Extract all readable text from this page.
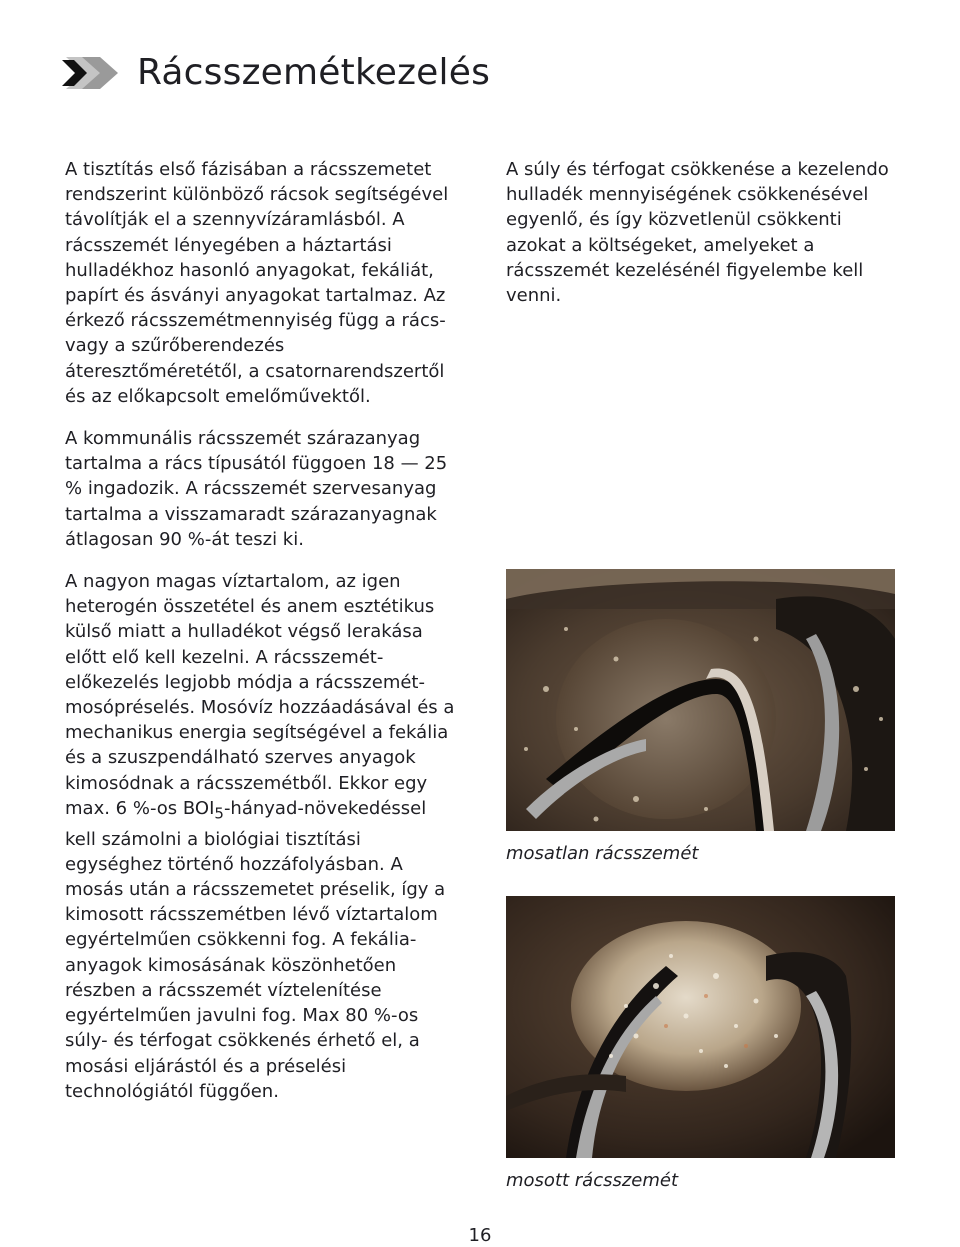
Rácsszemétkezelés

A tisztítás első fázisában a rácsszemetet rendszerint különböző rácsok segítségével távolítják el a szennyvízáramlásból. A rácsszemét lényegében a háztartási hulladékhoz hasonló anyagokat, fekáliát, papírt és ásványi anyagokat tartalmaz. Az érkező rácsszemétmennyiség függ a rács- vagy a szűrőberendezés áteresztőméretétől, a csatornarendszertől és az előkapcsolt emelőművektől.

A kommunális rácsszemét szárazanyag tartalma a rács típusától függoen 18 — 25 % ingadozik. A rácsszemét szervesanyag tartalma a visszamaradt szárazanyagnak átlagosan 90 %-át teszi ki.

A nagyon magas víztartalom, az igen heterogén összetétel és anem esztétikus külső miatt a hulladékot végső lerakása előtt elő kell kezelni. A rácsszemét-előkezelés legjobb módja a rácsszemét-mosópréselés. Mosóvíz hozzáadásával és a mechanikus energia segítségével a fekália és a szuszpendálható szerves anyagok kimosódnak a rácsszemétből. Ekkor egy max. 6 %-os $BOI_5-hányad$-növekedéssel kell számolni a biológiai tisztítási egységhez történő hozzáfolyásban. A mosás után a rácsszemetet préselik, így a kimosott rácsszemétben lévő víztartalom egyértelműen csökkenni fog. A fekália-anyagok kimosásának köszönhetően részben a rácsszemét víztelenítése egyértelműen javulni fog. Max 80 %-os súly- és térfogat csökkenés érhető el, a mosási eljárástól és a préselési technológiától függően.

A súly és térfogat csökkenése a kezelendo hulladék mennyiségének csökkenésével egyenlő, és így közvetlenül csökkenti azokat a költségeket, amelyeket a rácsszemét kezelésénél figyelembe kell venni.

mosatlan rácsszemét
mosott rácsszemét
16
